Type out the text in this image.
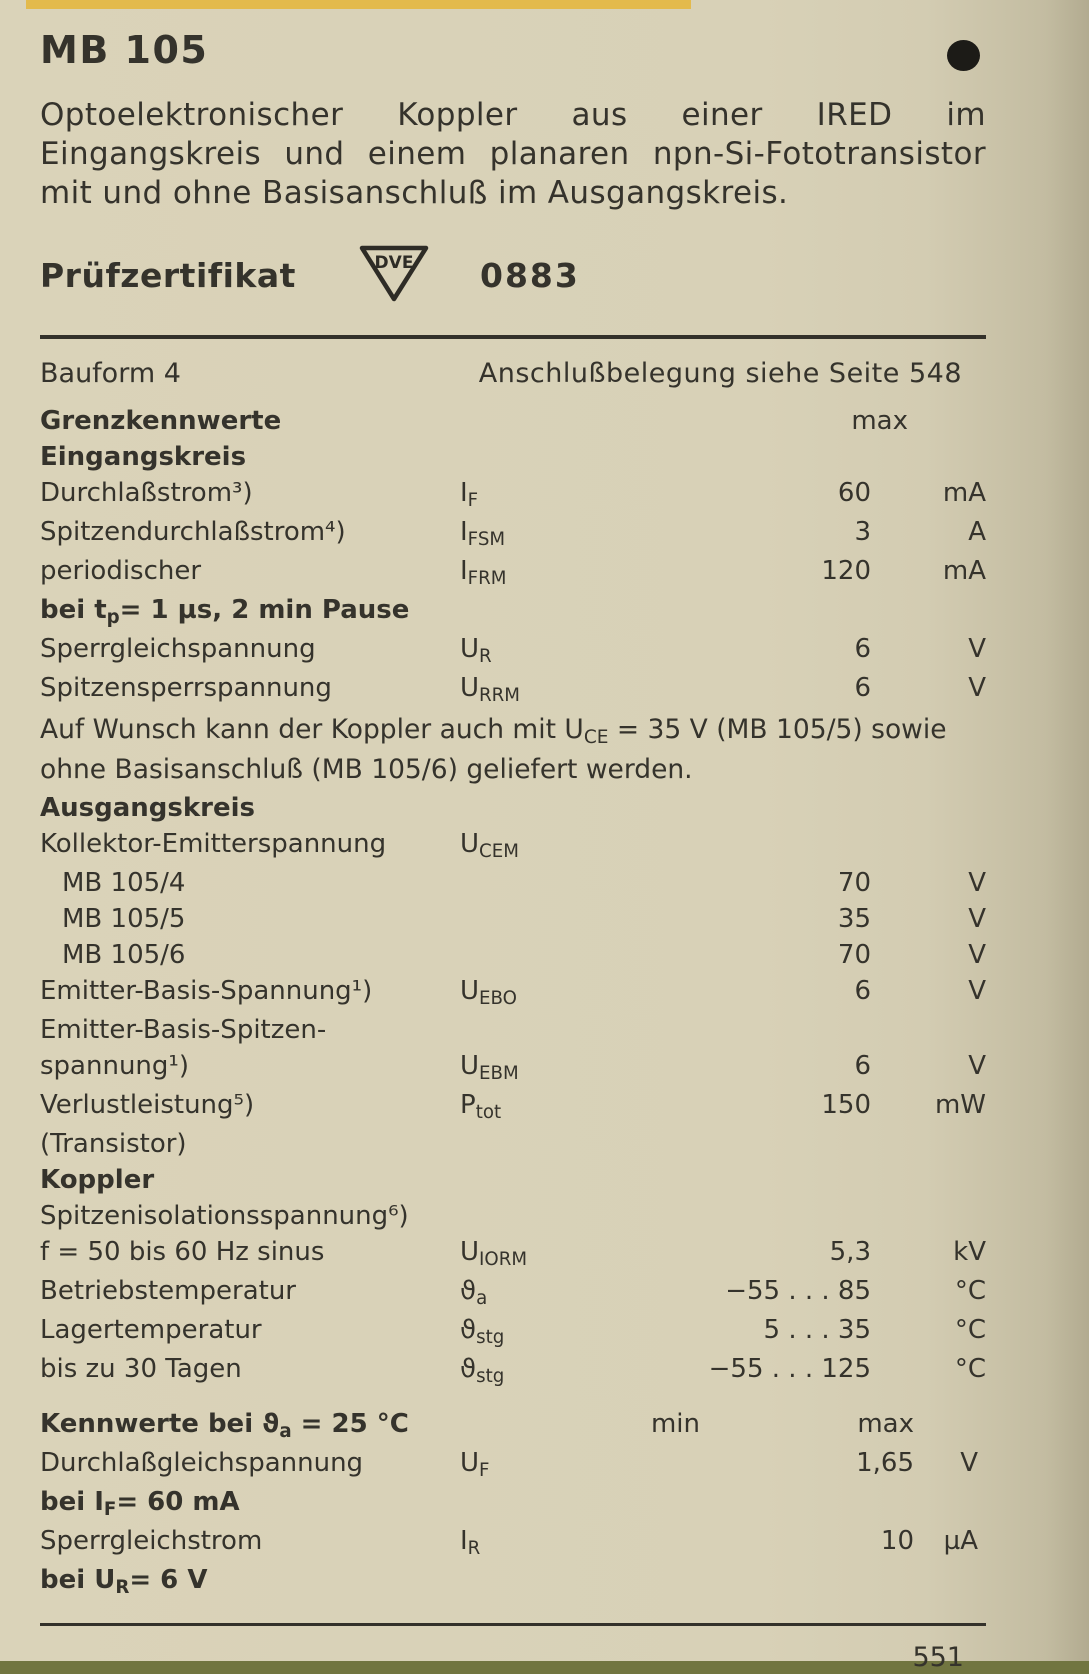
MB 105
Optoelektronischer Koppler aus einer IRED im Eingangskreis und einem planaren npn-Si-Fototransistor mit und ohne Basisanschluß im Ausgangskreis.
Prüfzertifikat	DVE 0883
Bauform 4	Anschlußbelegung siehe Seite 548
Grenzkennwerte	max
Eingangskreis
Durchlaßstrom³)	IF	60	mA
Spitzendurchlaßstrom⁴)	IFSM	3	A
periodischer	IFRM	120	mA
bei t p = 1 µs, 2 min Pause
Sperrgleichspannung	UR	6	V
Spitzensperrspannung	URRM	6	V
Auf Wunsch kann der Koppler auch mit UCE = 35 V (MB 105/5) sowie ohne Basisanschluß (MB 105/6) geliefert werden.
Ausgangskreis
Kollektor-Emitterspannung	UCEM
MB 105/4	70	V
MB 105/5	35	V
MB 105/6	70	V
Emitter-Basis-Spannung¹)	UEBO	6	V
Emitter-Basis-Spitzen-
spannung¹)	UEBM	6	V
Verlustleistung⁵)	Ptot	150	mW
(Transistor)
Koppler
Spitzenisolationsspannung⁶)
f = 50 bis 60 Hz sinus	UIORM	5,3	kV
Betriebstemperatur	ϑa	−55 . . . 85	°C
Lagertemperatur	ϑstg	5 . . . 35	°C
bis zu 30 Tagen	ϑstg	−55 . . . 125	°C
Kennwerte bei ϑa = 25 °C	min	max
Durchlaßgleichspannung	UF	1,65	V
bei I F = 60 mA
Sperrgleichstrom	IR	10	µA
bei U R = 6 V
551
